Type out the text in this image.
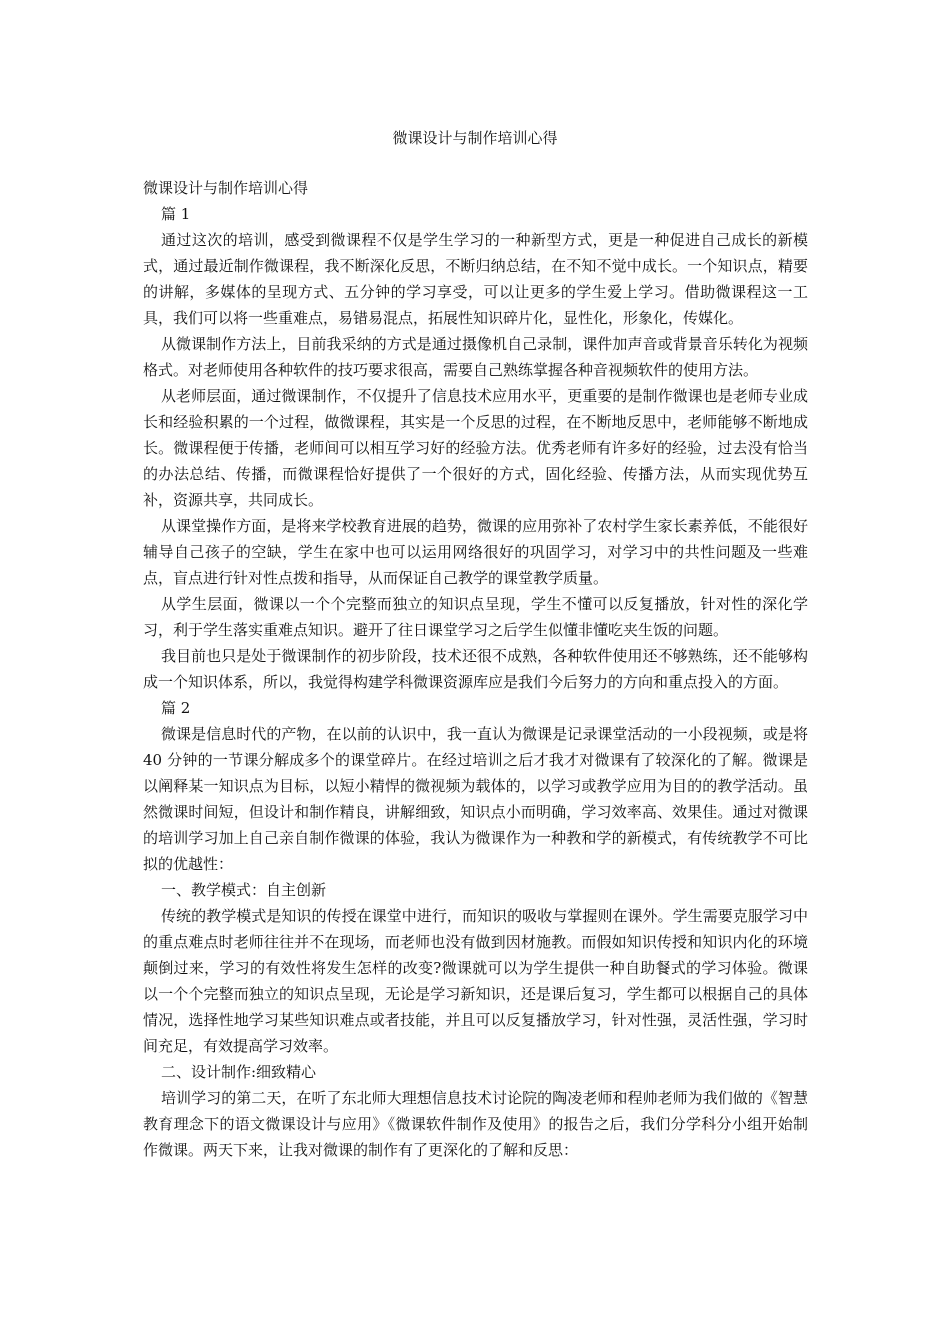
微课设计与制作培训心得

微课设计与制作培训心得

篇 1

通过这次的培训，感受到微课程不仅是学生学习的一种新型方式，更是一种促进自己成长的新模式，通过最近制作微课程，我不断深化反思，不断归纳总结，在不知不觉中成长。一个知识点，精要的讲解，多媒体的呈现方式、五分钟的学习享受，可以让更多的学生爱上学习。借助微课程这一工具，我们可以将一些重难点，易错易混点，拓展性知识碎片化，显性化，形象化，传媒化。

从微课制作方法上，目前我采纳的方式是通过摄像机自己录制，课件加声音或背景音乐转化为视频格式。对老师使用各种软件的技巧要求很高，需要自己熟练掌握各种音视频软件的使用方法。

从老师层面，通过微课制作，不仅提升了信息技术应用水平，更重要的是制作微课也是老师专业成长和经验积累的一个过程，做微课程，其实是一个反思的过程，在不断地反思中，老师能够不断地成长。微课程便于传播，老师间可以相互学习好的经验方法。优秀老师有许多好的经验，过去没有恰当的办法总结、传播，而微课程恰好提供了一个很好的方式，固化经验、传播方法，从而实现优势互补，资源共享，共同成长。

从课堂操作方面，是将来学校教育进展的趋势，微课的应用弥补了农村学生家长素养低，不能很好辅导自己孩子的空缺，学生在家中也可以运用网络很好的巩固学习，对学习中的共性问题及一些难点，盲点进行针对性点拨和指导，从而保证自己教学的课堂教学质量。

从学生层面，微课以一个个完整而独立的知识点呈现，学生不懂可以反复播放，针对性的深化学习，利于学生落实重难点知识。避开了往日课堂学习之后学生似懂非懂吃夹生饭的问题。

我目前也只是处于微课制作的初步阶段，技术还很不成熟，各种软件使用还不够熟练，还不能够构成一个知识体系，所以，我觉得构建学科微课资源库应是我们今后努力的方向和重点投入的方面。

篇 2

微课是信息时代的产物，在以前的认识中，我一直认为微课是记录课堂活动的一小段视频，或是将 40 分钟的一节课分解成多个的课堂碎片。在经过培训之后才我才对微课有了较深化的了解。微课是以阐释某一知识点为目标，以短小精悍的微视频为载体的，以学习或教学应用为目的的教学活动。虽然微课时间短，但设计和制作精良，讲解细致，知识点小而明确，学习效率高、效果佳。通过对微课的培训学习加上自己亲自制作微课的体验，我认为微课作为一种教和学的新模式，有传统教学不可比拟的优越性：

一、教学模式：自主创新

传统的教学模式是知识的传授在课堂中进行，而知识的吸收与掌握则在课外。学生需要克服学习中的重点难点时老师往往并不在现场，而老师也没有做到因材施教。而假如知识传授和知识内化的环境颠倒过来，学习的有效性将发生怎样的改变?微课就可以为学生提供一种自助餐式的学习体验。微课以一个个完整而独立的知识点呈现，无论是学习新知识，还是课后复习，学生都可以根据自己的具体情况，选择性地学习某些知识难点或者技能，并且可以反复播放学习，针对性强，灵活性强，学习时间充足，有效提高学习效率。

二、设计制作:细致精心

培训学习的第二天，在听了东北师大理想信息技术讨论院的陶凌老师和程帅老师为我们做的《智慧教育理念下的语文微课设计与应用》《微课软件制作及使用》的报告之后，我们分学科分小组开始制作微课。两天下来，让我对微课的制作有了更深化的了解和反思：
